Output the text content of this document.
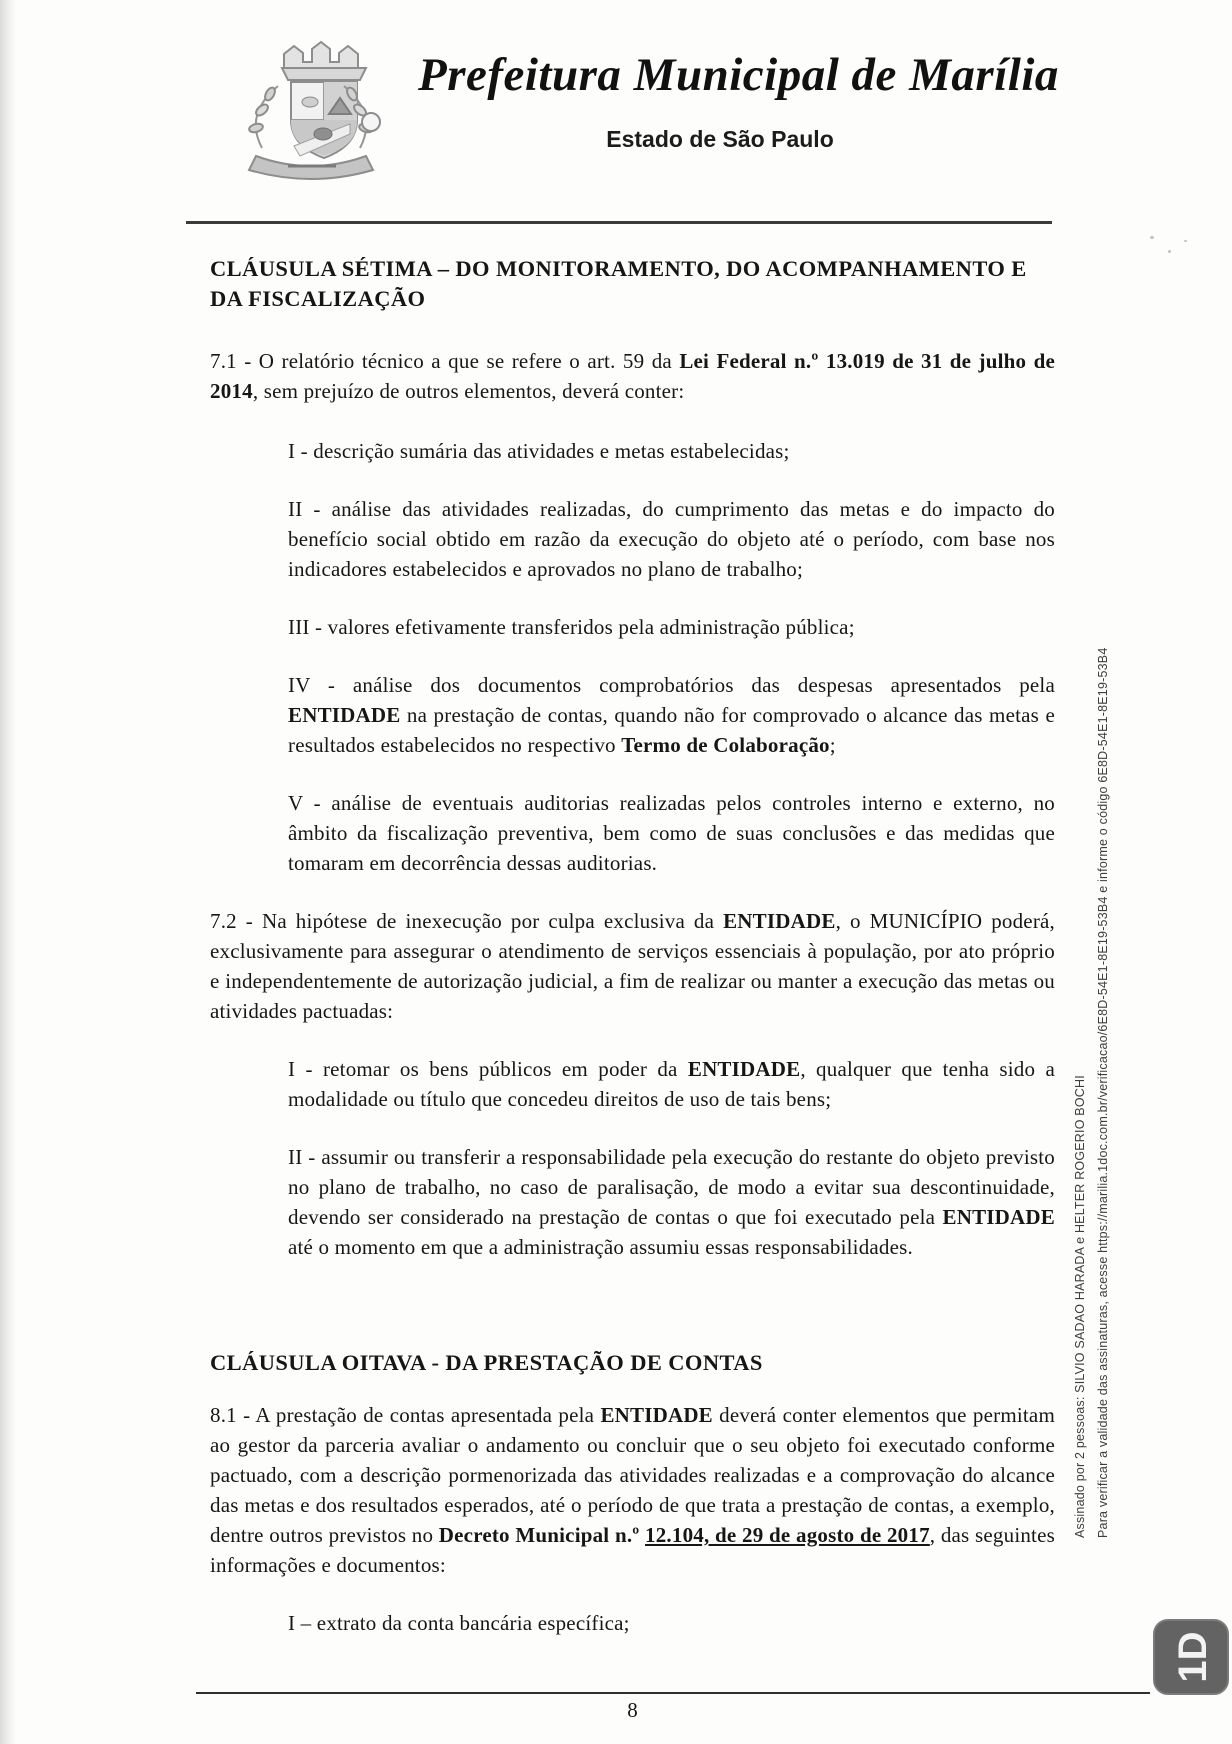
Prefeitura Municipal de Marília
Estado de São Paulo
CLÁUSULA SÉTIMA – DO MONITORAMENTO, DO ACOMPANHAMENTO E DA FISCALIZAÇÃO

7.1 - O relatório técnico a que se refere o art. 59 da Lei Federal n.º 13.019 de 31 de julho de 2014, sem prejuízo de outros elementos, deverá conter:

I - descrição sumária das atividades e metas estabelecidas;

II - análise das atividades realizadas, do cumprimento das metas e do impacto do benefício social obtido em razão da execução do objeto até o período, com base nos indicadores estabelecidos e aprovados no plano de trabalho;

III - valores efetivamente transferidos pela administração pública;

IV - análise dos documentos comprobatórios das despesas apresentados pela ENTIDADE na prestação de contas, quando não for comprovado o alcance das metas e resultados estabelecidos no respectivo Termo de Colaboração;

V - análise de eventuais auditorias realizadas pelos controles interno e externo, no âmbito da fiscalização preventiva, bem como de suas conclusões e das medidas que tomaram em decorrência dessas auditorias.

7.2 - Na hipótese de inexecução por culpa exclusiva da ENTIDADE, o MUNICÍPIO poderá, exclusivamente para assegurar o atendimento de serviços essenciais à população, por ato próprio e independentemente de autorização judicial, a fim de realizar ou manter a execução das metas ou atividades pactuadas:

I - retomar os bens públicos em poder da ENTIDADE, qualquer que tenha sido a modalidade ou título que concedeu direitos de uso de tais bens;

II - assumir ou transferir a responsabilidade pela execução do restante do objeto previsto no plano de trabalho, no caso de paralisação, de modo a evitar sua descontinuidade, devendo ser considerado na prestação de contas o que foi executado pela ENTIDADE até o momento em que a administração assumiu essas responsabilidades.

CLÁUSULA OITAVA - DA PRESTAÇÃO DE CONTAS

8.1 - A prestação de contas apresentada pela ENTIDADE deverá conter elementos que permitam ao gestor da parceria avaliar o andamento ou concluir que o seu objeto foi executado conforme pactuado, com a descrição pormenorizada das atividades realizadas e a comprovação do alcance das metas e dos resultados esperados, até o período de que trata a prestação de contas, a exemplo, dentre outros previstos no Decreto Municipal n.º 12.104, de 29 de agosto de 2017, das seguintes informações e documentos:

I – extrato da conta bancária específica;

Assinado por 2 pessoas: SILVIO SADAO HARADA e HELTER ROGERIO BOCHI Para verificar a validade das assinaturas, acesse https://marilia.1doc.com.br/verificacao/6E8D-54E1-8E19-53B4 e informe o código 6E8D-54E1-8E19-53B4
1D
8
